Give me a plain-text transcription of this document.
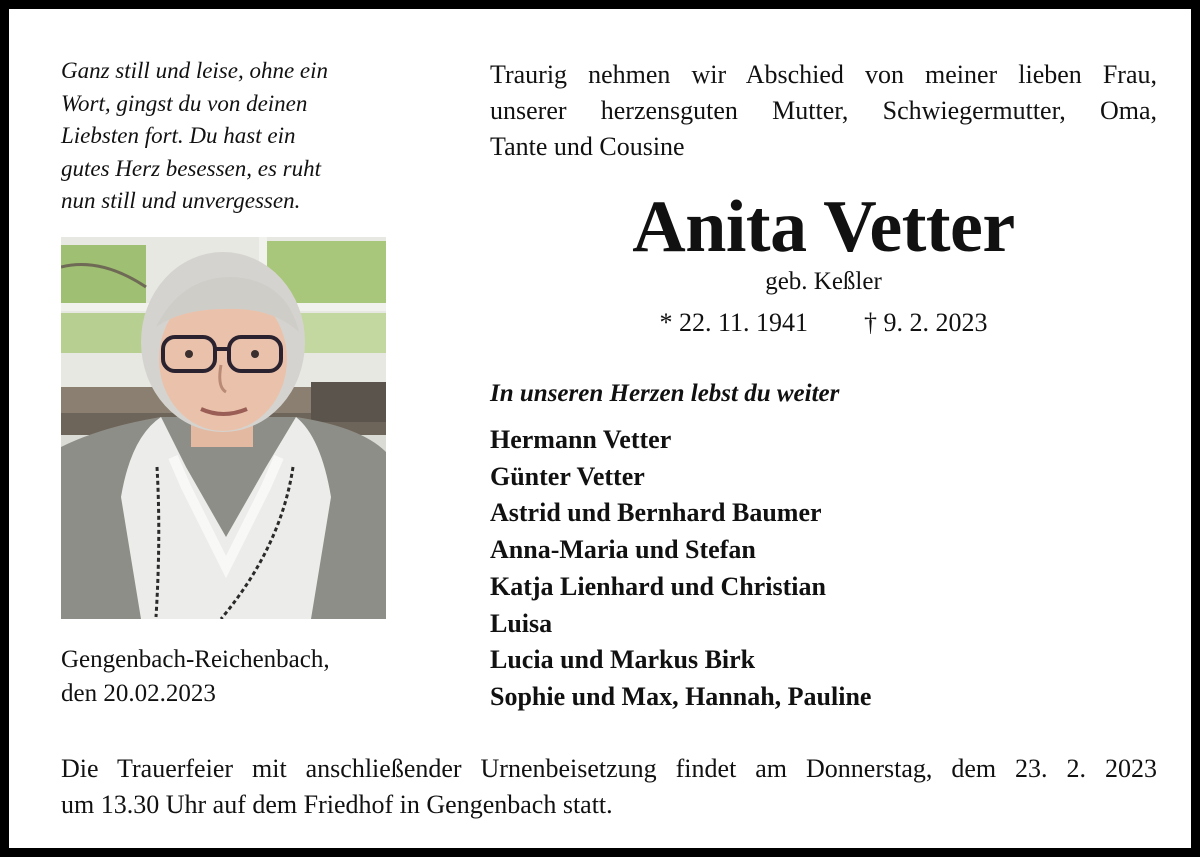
Ganz still und leise, ohne ein
Wort, gingst du von deinen
Liebsten fort. Du hast ein
gutes Herz besessen, es ruht
nun still und unvergessen.
Gengenbach-Reichenbach,
den 20.02.2023
Traurig nehmen wir Abschied von meiner lieben Frau,
unserer herzensguten Mutter, Schwiegermutter, Oma,
Tante und Cousine
Anita Vetter
geb. Keßler
* 22. 11. 1941 † 9. 2. 2023
In unseren Herzen lebst du weiter
Hermann Vetter
Günter Vetter
Astrid und Bernhard Baumer
Anna-Maria und Stefan
Katja Lienhard und Christian
Luisa
Lucia und Markus Birk
Sophie und Max, Hannah, Pauline
Die Trauerfeier mit anschließender Urnenbeisetzung findet am Donnerstag, dem 23. 2. 2023
um 13.30 Uhr auf dem Friedhof in Gengenbach statt.
